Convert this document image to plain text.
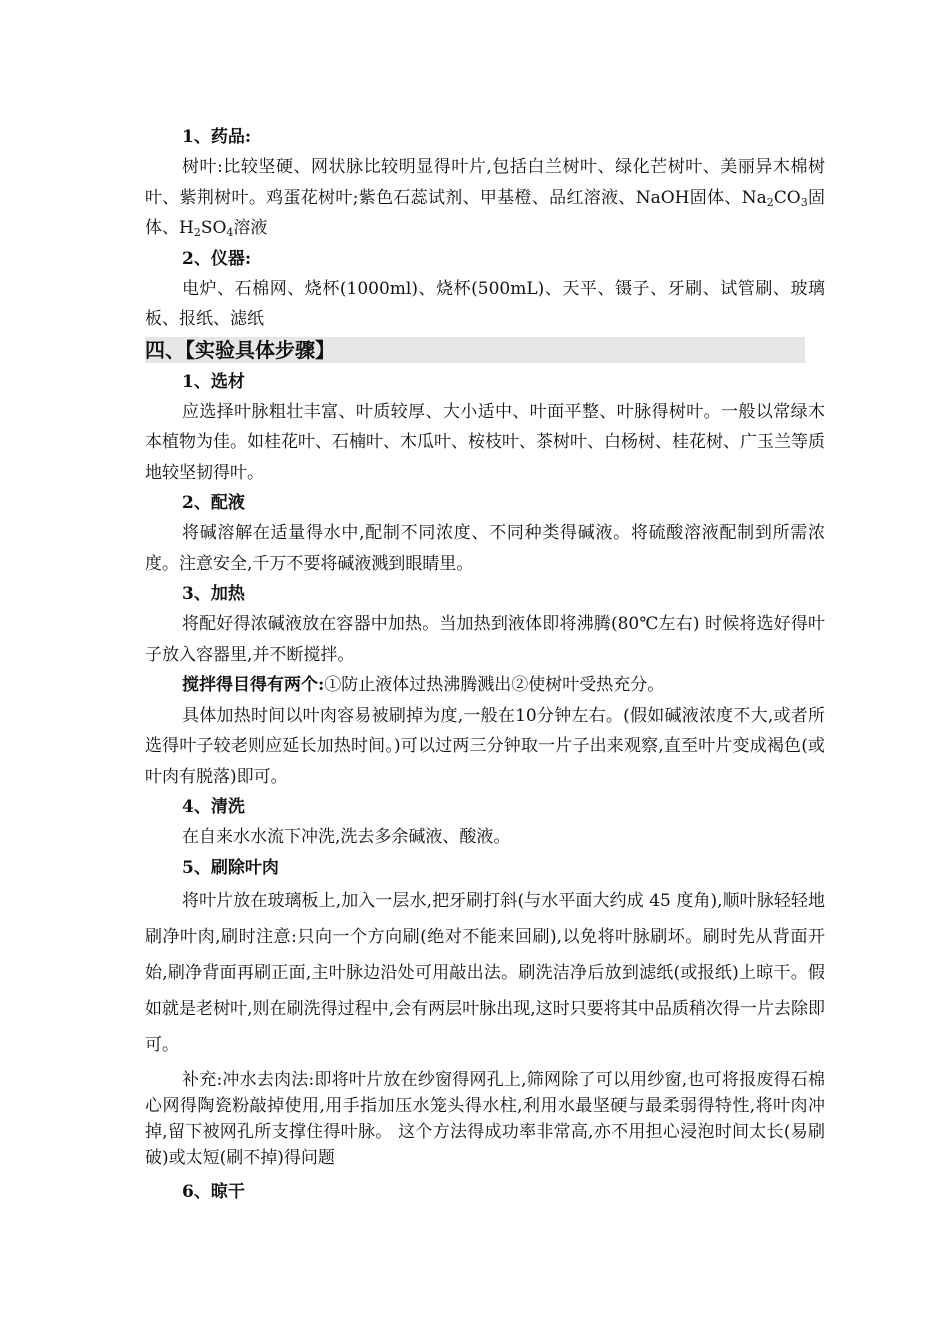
1、药品:

树叶:比较坚硬、网状脉比较明显得叶片,包括白兰树叶、绿化芒树叶、美丽异木棉树叶、紫荆树叶。鸡蛋花树叶;紫色石蕊试剂、甲基橙、品红溶液、NaOH固体、$Na_2CO_3$固体、$H_2SO_4$溶液

2、仪器:

电炉、石棉网、烧杯(1000ml)、烧杯(500mL)、天平、镊子、牙刷、试管刷、玻璃板、报纸、滤纸

四、【实验具体步骤】

1、选材

应选择叶脉粗壮丰富、叶质较厚、大小适中、叶面平整、叶脉得树叶。一般以常绿木本植物为佳。如桂花叶、石楠叶、木瓜叶、桉枝叶、茶树叶、白杨树、桂花树、广玉兰等质地较坚韧得叶。

2、配液

将碱溶解在适量得水中,配制不同浓度、不同种类得碱液。将硫酸溶液配制到所需浓度。注意安全,千万不要将碱液溅到眼睛里。

3、加热

将配好得浓碱液放在容器中加热。当加热到液体即将沸腾(80℃左右) 时候将选好得叶子放入容器里,并不断搅拌。

搅拌得目得有两个:①防止液体过热沸腾溅出②使树叶受热充分。

具体加热时间以叶肉容易被刷掉为度,一般在10分钟左右。(假如碱液浓度不大,或者所选得叶子较老则应延长加热时间。)可以过两三分钟取一片子出来观察,直至叶片变成褐色(或叶肉有脱落)即可。

4、清洗

在自来水水流下冲洗,洗去多余碱液、酸液。

5、刷除叶肉

将叶片放在玻璃板上,加入一层水,把牙刷打斜(与水平面大约成 45 度角),顺叶脉轻轻地刷净叶肉,刷时注意:只向一个方向刷(绝对不能来回刷),以免将叶脉刷坏。刷时先从背面开始,刷净背面再刷正面,主叶脉边沿处可用敲出法。刷洗洁净后放到滤纸(或报纸)上晾干。假如就是老树叶,则在刷洗得过程中,会有两层叶脉出现,这时只要将其中品质稍次得一片去除即可。

补充:冲水去肉法:即将叶片放在纱窗得网孔上,筛网除了可以用纱窗,也可将报废得石棉心网得陶瓷粉敲掉使用,用手指加压水笼头得水柱,利用水最坚硬与最柔弱得特性,将叶肉冲掉,留下被网孔所支撑住得叶脉。 这个方法得成功率非常高,亦不用担心浸泡时间太长(易刷破)或太短(刷不掉)得问题

6、晾干
